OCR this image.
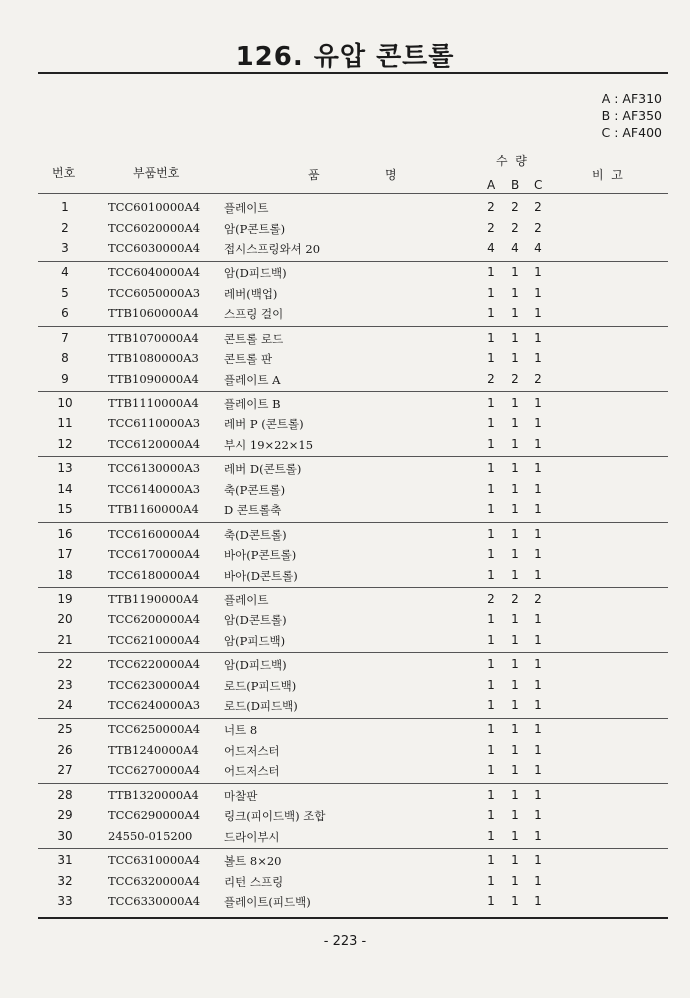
126. 유압 콘트롤
A : AF310
B : AF350
C : AF400
번호	부품번호	품	명
수  량
A B C
비  고
1	TCC6010000A4 플레이트	2 2 2
2	TCC6020000A4 암(P콘트롤)	2 2 2
3	TCC6030000A4 접시스프링와셔 20	4 4 4
4	TCC6040000A4 암(D피드백)	1 1 1
5	TCC6050000A3 레버(백업)	1 1 1
6	TTB1060000A4 스프링 걸이	1 1 1
7	TTB1070000A4 콘트롤 로드	1 1 1
8	TTB1080000A3 콘트롤 판	1 1 1
9	TTB1090000A4 플레이트 A	2 2 2
10	TTB1110000A4 플레이트 B	1 1 1
11	TCC6110000A3 레버 P (콘트롤)	1 1 1
12	TCC6120000A4 부시 19×22×15	1 1 1
13	TCC6130000A3 레버 D(콘트롤)	1 1 1
14	TCC6140000A3 축(P콘트롤)	1 1 1
15	TTB1160000A4 D 콘트롤축	1 1 1
16	TCC6160000A4 축(D콘트롤)	1 1 1
17	TCC6170000A4 바아(P콘트롤)	1 1 1
18	TCC6180000A4 바아(D콘트롤)	1 1 1
19	TTB1190000A4 플레이트	2 2 2
20	TCC6200000A4 암(D콘트롤)	1 1 1
21	TCC6210000A4 암(P피드백)	1 1 1
22	TCC6220000A4 암(D피드백)	1 1 1
23	TCC6230000A4 로드(P피드백)	1 1 1
24	TCC6240000A3 로드(D피드백)	1 1 1
25	TCC6250000A4 너트 8	1 1 1
26	TTB1240000A4 어드저스터	1 1 1
27	TCC6270000A4 어드저스터	1 1 1
28	TTB1320000A4 마찰판	1 1 1
29	TCC6290000A4 링크(피이드백) 조합	1 1 1
30	24550-015200	드라이부시	1 1 1
31	TCC6310000A4 볼트 8×20	1 1 1
32	TCC6320000A4 리턴 스프링	1 1 1
33	TCC6330000A4 플레이트(피드백)	1 1 1
- 223 -
